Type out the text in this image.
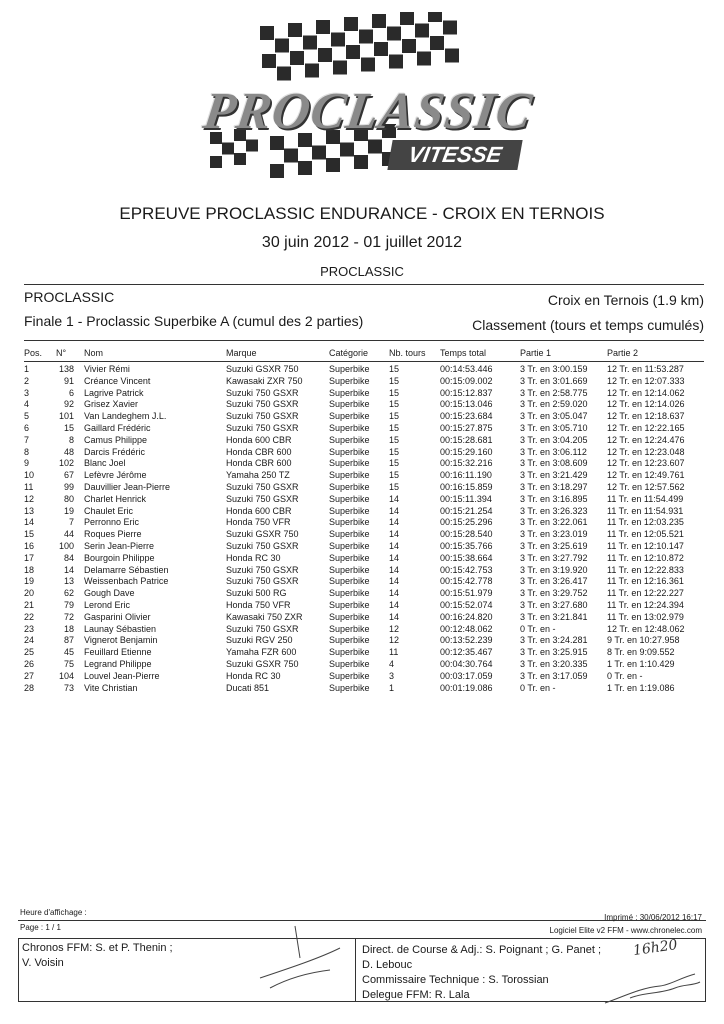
PROCLASSIC
VITESSE
EPREUVE PROCLASSIC ENDURANCE - CROIX EN TERNOIS
30 juin 2012 - 01 juillet 2012
PROCLASSIC
PROCLASSIC
Finale 1 - Proclassic Superbike A (cumul des 2 parties)
Croix en Ternois (1.9 km)
Classement (tours et temps cumulés)
Pos. N° Nom	Marque	Catégorie Nb. tours Temps total	Partie 1	Partie 2
1	138 Vivier Rémi	Suzuki GSXR 750	Superbike 15	00:14:53.446	3 Tr. en 3:00.159 12 Tr. en 11:53.287
2	91 Créance Vincent	Kawasaki ZXR 750	Superbike 15	00:15:09.002	3 Tr. en 3:01.669 12 Tr. en 12:07.333
3	6 Lagrive Patrick	Suzuki 750 GSXR	Superbike 15	00:15:12.837	3 Tr. en 2:58.775 12 Tr. en 12:14.062
4	92 Grisez Xavier	Suzuki 750 GSXR	Superbike 15	00:15:13.046	3 Tr. en 2:59.020 12 Tr. en 12:14.026
5	101 Van Landeghem J.L.	Suzuki 750 GSXR	Superbike 15	00:15:23.684	3 Tr. en 3:05.047 12 Tr. en 12:18.637
6	15 Gaillard Frédéric	Suzuki 750 GSXR	Superbike 15	00:15:27.875	3 Tr. en 3:05.710 12 Tr. en 12:22.165
7	8 Camus Philippe	Honda 600 CBR	Superbike 15	00:15:28.681	3 Tr. en 3:04.205 12 Tr. en 12:24.476
8	48 Darcis Frédéric	Honda CBR 600	Superbike 15	00:15:29.160	3 Tr. en 3:06.112 12 Tr. en 12:23.048
9	102 Blanc Joel	Honda CBR 600	Superbike 15	00:15:32.216	3 Tr. en 3:08.609 12 Tr. en 12:23.607
10	67 Lefèvre Jérôme	Yamaha 250 TZ	Superbike 15	00:16:11.190	3 Tr. en 3:21.429 12 Tr. en 12:49.761
11	99 Dauvillier Jean-Pierre	Suzuki 750 GSXR	Superbike 15	00:16:15.859	3 Tr. en 3:18.297 12 Tr. en 12:57.562
12	80 Charlet Henrick	Suzuki 750 GSXR	Superbike 14	00:15:11.394	3 Tr. en 3:16.895 11 Tr. en 11:54.499
13	19 Chaulet Eric	Honda 600 CBR	Superbike 14	00:15:21.254	3 Tr. en 3:26.323 11 Tr. en 11:54.931
14	7 Perronno Eric	Honda 750 VFR	Superbike 14	00:15:25.296	3 Tr. en 3:22.061 11 Tr. en 12:03.235
15	44 Roques Pierre	Suzuki GSXR 750	Superbike 14	00:15:28.540	3 Tr. en 3:23.019 11 Tr. en 12:05.521
16	100 Serin Jean-Pierre	Suzuki 750 GSXR	Superbike 14	00:15:35.766	3 Tr. en 3:25.619 11 Tr. en 12:10.147
17	84 Bourgoin Philippe	Honda RC 30	Superbike 14	00:15:38.664	3 Tr. en 3:27.792 11 Tr. en 12:10.872
18	14 Delamarre Sébastien	Suzuki 750 GSXR	Superbike 14	00:15:42.753	3 Tr. en 3:19.920 11 Tr. en 12:22.833
19	13 Weissenbach Patrice	Suzuki 750 GSXR	Superbike 14	00:15:42.778	3 Tr. en 3:26.417 11 Tr. en 12:16.361
20	62 Gough Dave	Suzuki 500 RG	Superbike 14	00:15:51.979	3 Tr. en 3:29.752 11 Tr. en 12:22.227
21	79 Lerond Eric	Honda 750 VFR	Superbike 14	00:15:52.074	3 Tr. en 3:27.680 11 Tr. en 12:24.394
22	72 Gasparini Olivier	Kawasaki 750 ZXR	Superbike 14	00:16:24.820	3 Tr. en 3:21.841 11 Tr. en 13:02.979
23	18 Launay Sébastien	Suzuki 750 GSXR	Superbike 12	00:12:48.062	0 Tr. en -	12 Tr. en 12:48.062
24	87 Vignerot Benjamin	Suzuki RGV 250	Superbike 12	00:13:52.239	3 Tr. en 3:24.281 9 Tr. en 10:27.958
25	45 Feuillard Etienne	Yamaha FZR 600	Superbike 11	00:12:35.467	3 Tr. en 3:25.915 8 Tr. en 9:09.552
26	75 Legrand Philippe	Suzuki GSXR 750	Superbike 4	00:04:30.764	3 Tr. en 3:20.335 1 Tr. en 1:10.429
27	104 Louvel Jean-Pierre	Honda RC 30	Superbike 3	00:03:17.059	3 Tr. en 3:17.059 0 Tr. en -
28	73 Vite Christian	Ducati 851	Superbike 1	00:01:19.086	0 Tr. en -	1 Tr. en 1:19.086
Heure d'affichage :
Page : 1 / 1
Imprimé : 30/06/2012 16:17
Logiciel Elite v2 FFM - www.chronelec.com
Chronos FFM: S. et P. Thenin ;
V. Voisin
Direct. de Course & Adj.: S. Poignant ; G. Panet ;
D. Lebouc
Commissaire Technique : S. Torossian
Delegue FFM: R. Lala
16h20
